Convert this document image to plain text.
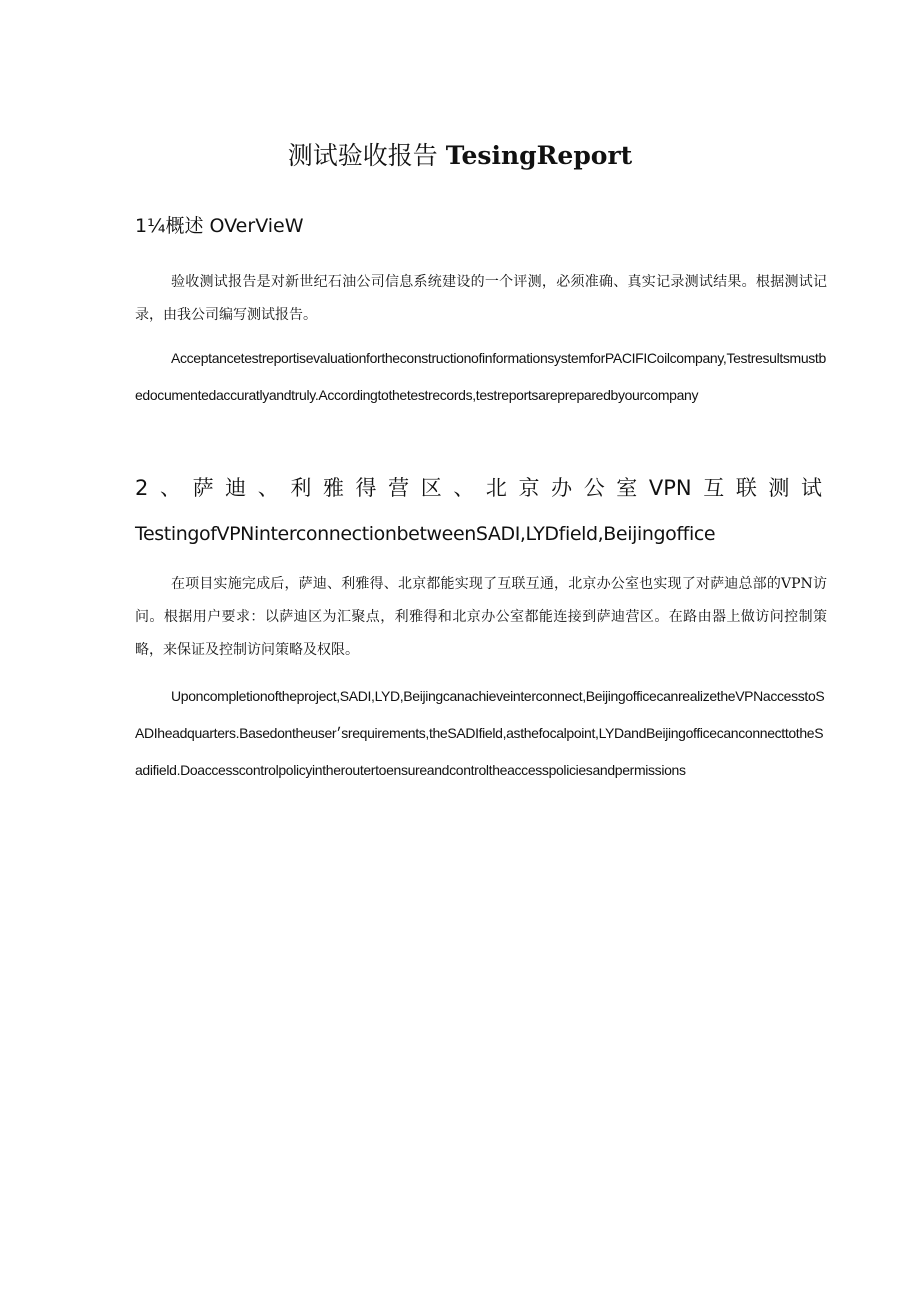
测试验收报告 TesingReport
1¼概述 OVerVieW

验收测试报告是对新世纪石油公司信息系统建设的一个评测，必须准确、真实记录测试结果。根据测试记录，由我公司编写测试报告。

AcceptancetestreportisevaluationfortheconstructionofinformationsystemforPACIFICoilcompany,Testresultsmustbedocumentedaccuratlyandtruly.Accordingtothetestrecords,testreportsarepreparedbyourcompany

2 、 萨 迪 、 利 雅 得 营 区 、 北 京 办 公 室 VPN 互 联 测 试
TestingofVPNinterconnectionbetweenSADI,LYDfield,Beijingoffice

在项目实施完成后，萨迪、利雅得、北京都能实现了互联互通，北京办公室也实现了对萨迪总部的VPN访问。根据用户要求：以萨迪区为汇聚点，利雅得和北京办公室都能连接到萨迪营区。在路由器上做访问控制策略，来保证及控制访问策略及权限。

Uponcompletionoftheproject,SADI,LYD,Beijingcanachieveinterconnect,BeijingofficecanrealizetheVPNaccesstoSADIheadquarters.Basedontheuser׳srequirements,theSADIfield,asthefocalpoint,LYDandBeijingofficecanconnecttotheSadifield.Doaccesscontrolpolicyintheroutertoensureandcontroltheaccesspoliciesandpermissions
